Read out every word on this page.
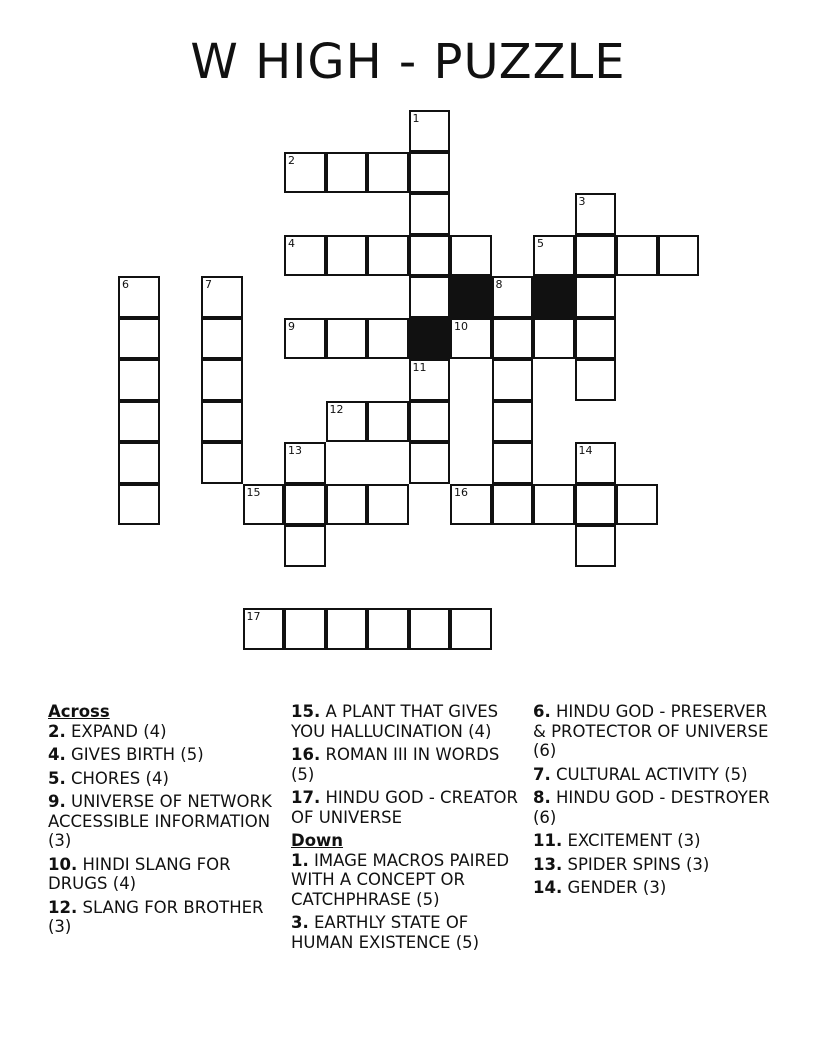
W HIGH - PUZZLE
1
2
3
4	5
6	7	8
9	10
11
12
13	14
15	16
17
Across
2. EXPAND (4)
4. GIVES BIRTH (5)
5. CHORES (4)
9. UNIVERSE OF NETWORK ACCESSIBLE INFORMATION (3)
10. HINDI SLANG FOR DRUGS (4)
12. SLANG FOR BROTHER (3)
15. A PLANT THAT GIVES YOU HALLUCINATION (4)
16. ROMAN III IN WORDS (5)
17. HINDU GOD - CREATOR OF UNIVERSE
Down
1. IMAGE MACROS PAIRED WITH A CONCEPT OR CATCHPHRASE (5)
3. EARTHLY STATE OF HUMAN EXISTENCE (5)
6. HINDU GOD - PRESERVER & PROTECTOR OF UNIVERSE (6)
7. CULTURAL ACTIVITY (5)
8. HINDU GOD - DESTROYER (6)
11. EXCITEMENT (3)
13. SPIDER SPINS (3)
14. GENDER (3)
